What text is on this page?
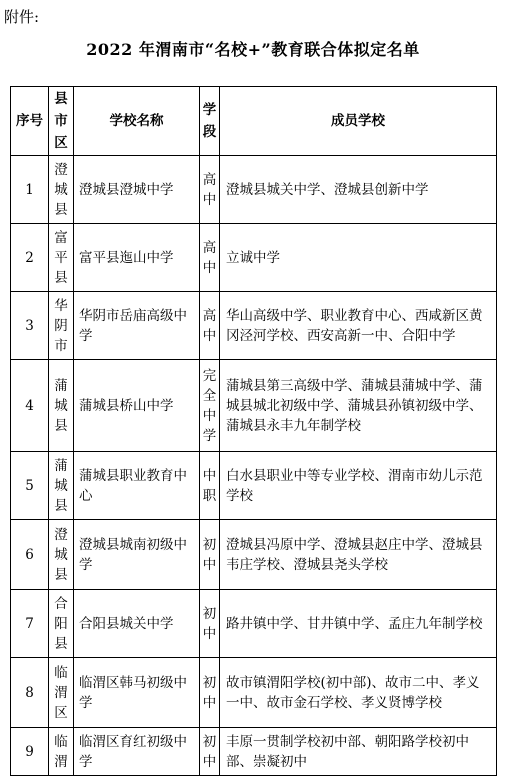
附件:
2022 年渭南市“名校+”教育联合体拟定名单
序号	县市区	学校名称	学段	成员学校
1	澄城县	澄城县澄城中学	高中	澄城县城关中学、澄城县创新中学
2	富平县	富平县迤山中学	高中	立诚中学
3	华阴市	华阴市岳庙高级中学	高中	华山高级中学、职业教育中心、西咸新区黄冈泾河学校、西安高新一中、合阳中学
4	蒲城县	蒲城县桥山中学	完全中学	蒲城县第三高级中学、蒲城县蒲城中学、蒲城县城北初级中学、蒲城县孙镇初级中学、蒲城县永丰九年制学校
5	蒲城县	蒲城县职业教育中心	中职	白水县职业中等专业学校、渭南市幼儿示范学校
6	澄城县	澄城县城南初级中学	初中	澄城县冯原中学、澄城县赵庄中学、澄城县韦庄学校、澄城县尧头学校
7	合阳县	合阳县城关中学	初中	路井镇中学、甘井镇中学、孟庄九年制学校
8	临渭区	临渭区韩马初级中学	初中	故市镇渭阳学校(初中部)、故市二中、孝义一中、故市金石学校、孝义贤博学校
9	临渭	临渭区育红初级中学	初中	丰原一贯制学校初中部、朝阳路学校初中部、崇凝初中
